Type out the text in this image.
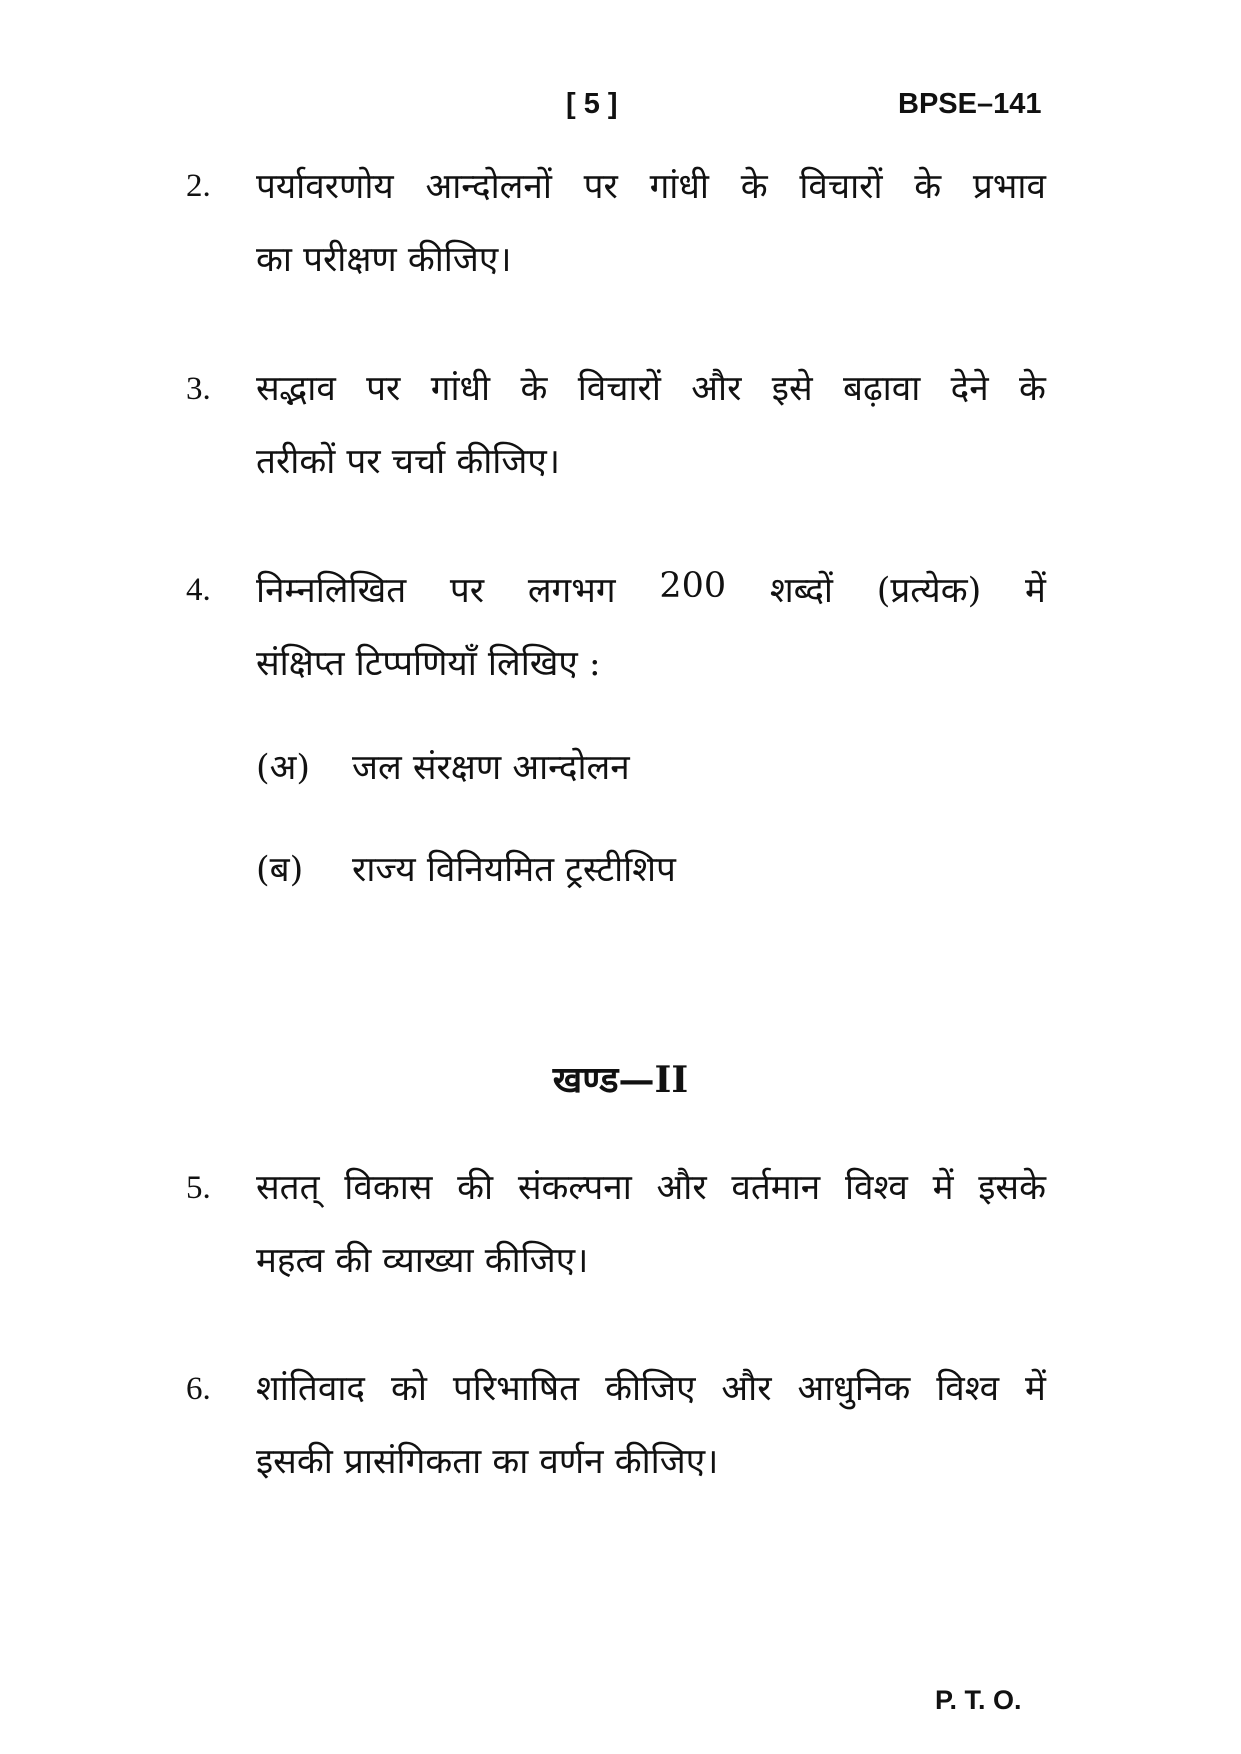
[ 5 ]	BPSE–141
2. पर्यावरणोय आन्दोलनों पर गांधी के विचारों के प्रभाव
का परीक्षण कीजिए।
3. सद्भाव पर गांधी के विचारों और इसे बढ़ावा देने के
तरीकों पर चर्चा कीजिए।
4. निम्नलिखित पर लगभग 200 शब्दों (प्रत्येक) में
संक्षिप्त टिप्पणियाँ लिखिए :
(अ) जल संरक्षण आन्दोलन
(ब) राज्य विनियमित ट्रस्टीशिप
खण्ड—II
5. सतत् विकास की संकल्पना और वर्तमान विश्व में इसके
महत्व की व्याख्या कीजिए।
6. शांतिवाद को परिभाषित कीजिए और आधुनिक विश्व में
इसकी प्रासंगिकता का वर्णन कीजिए।
P. T. O.
